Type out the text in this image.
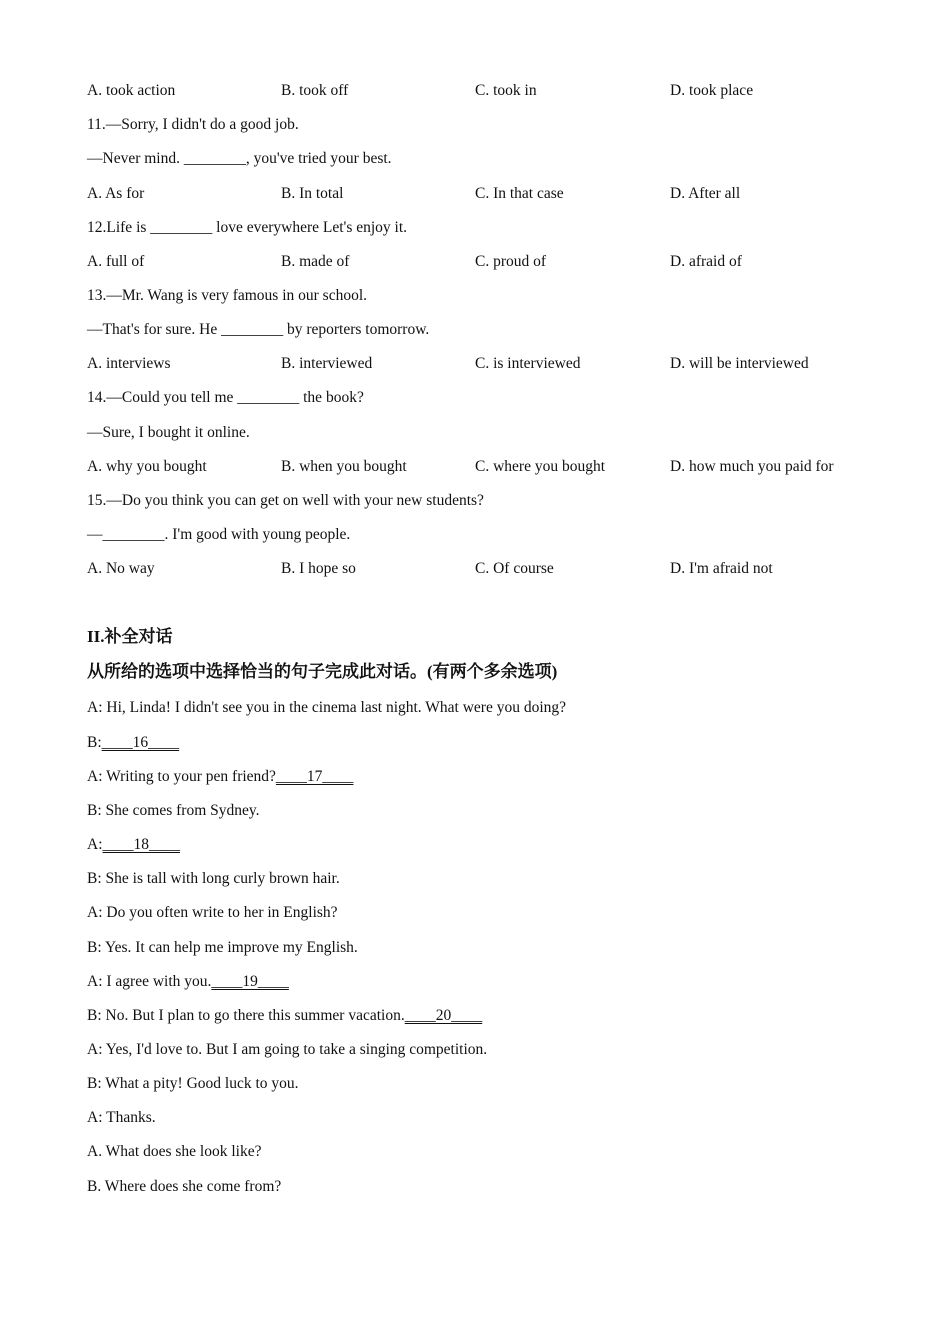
A. took action	B. took off	C. took in	D. took place
11.—Sorry, I didn't do a good job.
—Never mind. ________, you've tried your best.
A. As for	B. In total	C. In that case	D. After all
12.Life is ________ love everywhere Let's enjoy it.
A. full of	B. made of	C. proud of	D. afraid of
13.—Mr. Wang is very famous in our school.
—That's for sure. He ________ by reporters tomorrow.
A. interviews	B. interviewed	C. is interviewed	D. will be interviewed
14.—Could you tell me ________ the book?
—Sure, I bought it online.
A. why you bought	B. when you bought	C. where you bought	D. how much you paid for
15.—Do you think you can get on well with your new students?
—________. I'm good with young people.
A. No way	B. I hope so	C. Of course	D. I'm afraid not
II.补全对话
从所给的选项中选择恰当的句子完成此对话。(有两个多余选项)
A: Hi, Linda! I didn't see you in the cinema last night. What were you doing?
B:____16____
A: Writing to your pen friend?____17____
B: She comes from Sydney.
A:____18____
B: She is tall with long curly brown hair.
A: Do you often write to her in English?
B: Yes. It can help me improve my English.
A: I agree with you.____19____
B: No. But I plan to go there this summer vacation.____20____
A: Yes, I'd love to. But I am going to take a singing competition.
B: What a pity! Good luck to you.
A: Thanks.
A. What does she look like?
B. Where does she come from?
